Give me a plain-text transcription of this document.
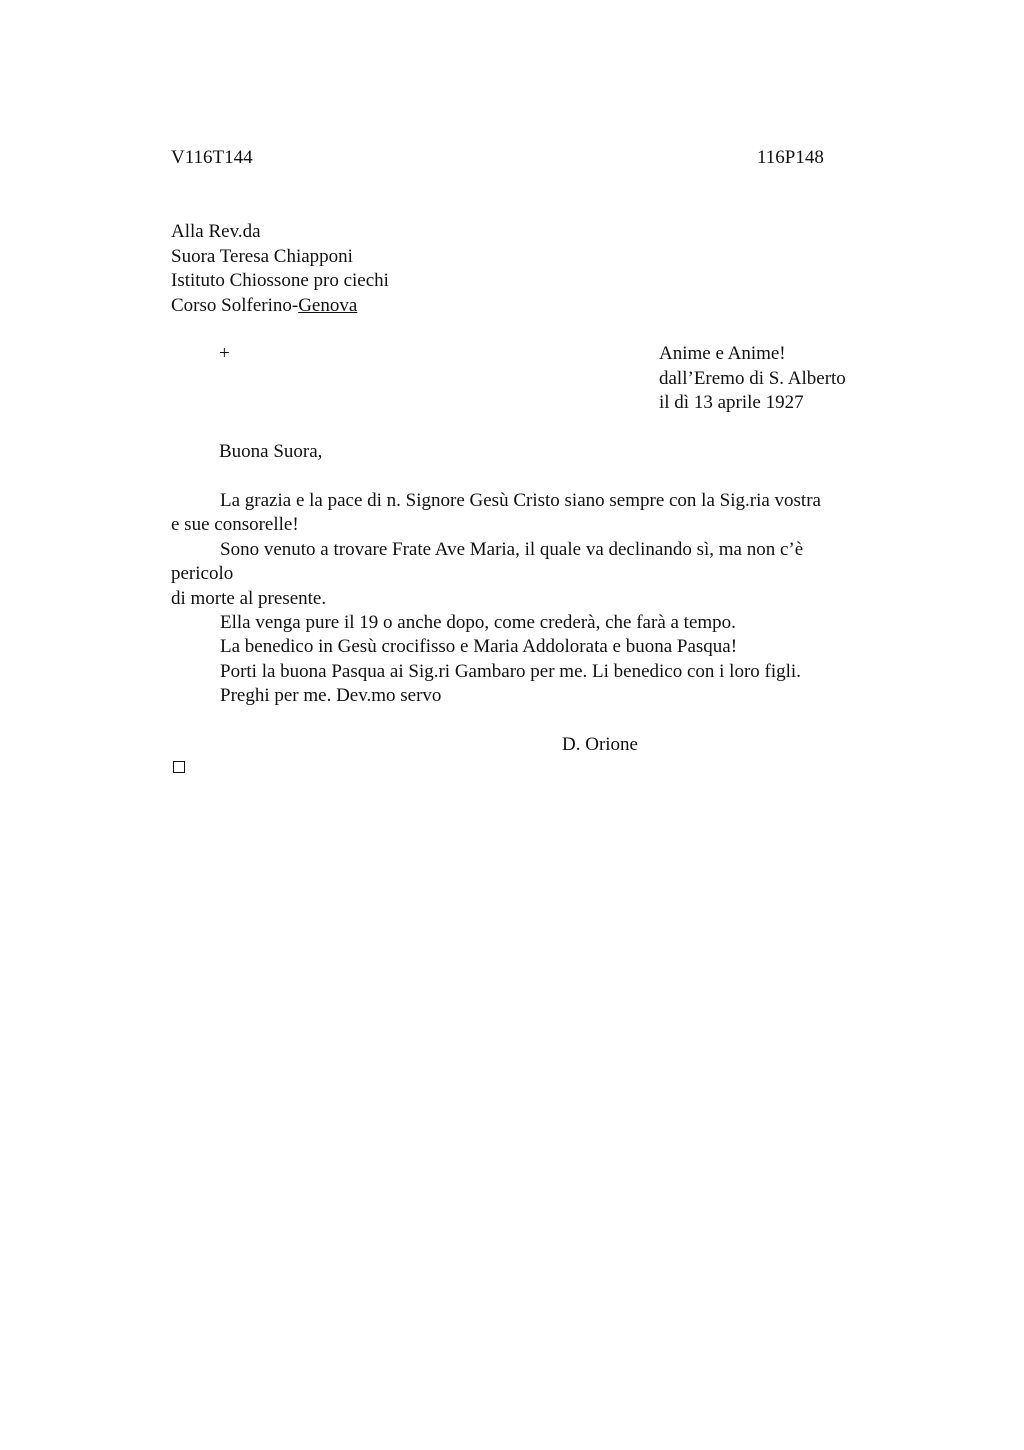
V116T144	116P148
Alla Rev.da
Suora Teresa Chiapponi
Istituto Chiossone pro ciechi
Corso Solferino-Genova
+	Anime e Anime!
dall’Eremo di S. Alberto
il dì 13 aprile 1927
Buona Suora,
La grazia e la pace di n. Signore Gesù Cristo siano sempre con la Sig.ria vostra
e sue consorelle!
Sono venuto a trovare Frate Ave Maria, il quale va declinando sì, ma non c’è
pericolo
di morte al presente.
Ella venga pure il 19 o anche dopo, come crederà, che farà a tempo.
La benedico in Gesù crocifisso e Maria Addolorata e buona Pasqua!
Porti la buona Pasqua ai Sig.ri Gambaro per me. Li benedico con i loro figli.
Preghi per me. Dev.mo servo
D. Orione
